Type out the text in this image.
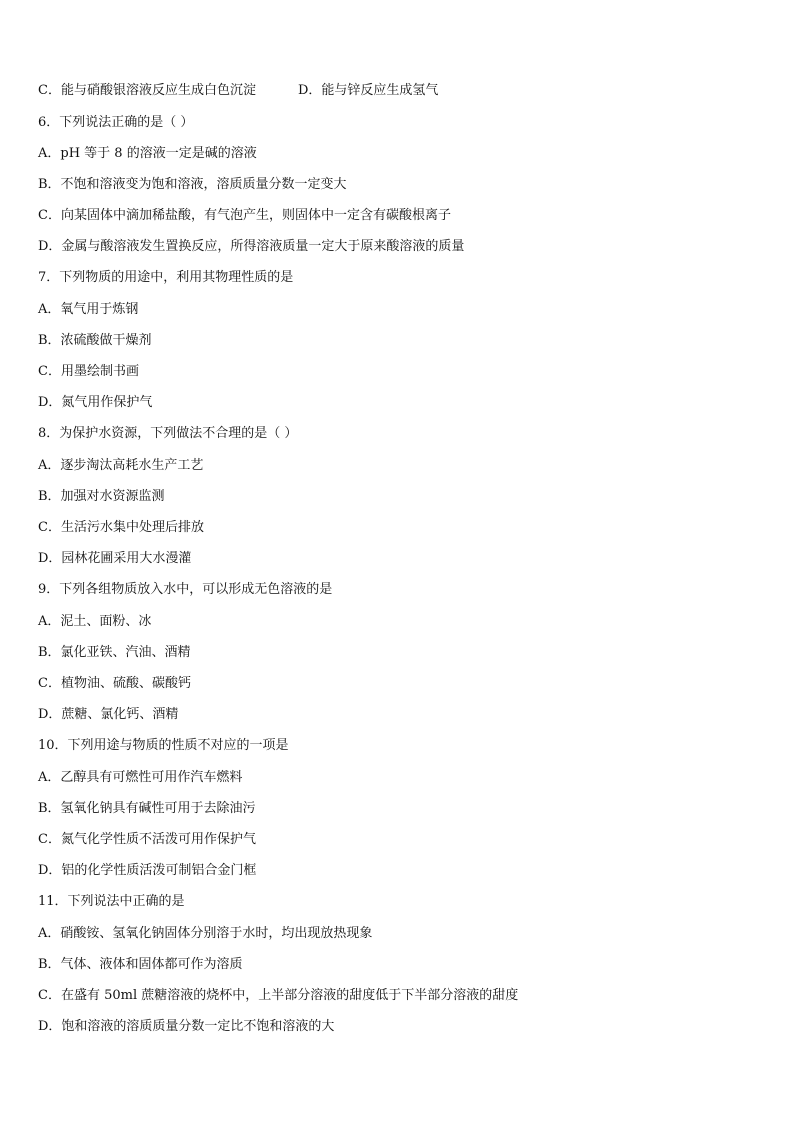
C．能与硝酸银溶液反应生成白色沉淀	D．能与锌反应生成氢气
6．下列说法正确的是（ ）
A．pH 等于 8 的溶液一定是碱的溶液
B．不饱和溶液变为饱和溶液，溶质质量分数一定变大
C．向某固体中滴加稀盐酸，有气泡产生，则固体中一定含有碳酸根离子
D．金属与酸溶液发生置换反应，所得溶液质量一定大于原来酸溶液的质量
7．下列物质的用途中，利用其物理性质的是
A．氧气用于炼钢
B．浓硫酸做干燥剂
C．用墨绘制书画
D．氮气用作保护气
8．为保护水资源，下列做法不合理的是（ ）
A．逐步淘汰高耗水生产工艺
B．加强对水资源监测
C．生活污水集中处理后排放
D．园林花圃采用大水漫灌
9．下列各组物质放入水中，可以形成无色溶液的是
A．泥土、面粉、冰
B．氯化亚铁、汽油、酒精
C．植物油、硫酸、碳酸钙
D．蔗糖、氯化钙、酒精
10．下列用途与物质的性质不对应的一项是
A．乙醇具有可燃性可用作汽车燃料
B．氢氧化钠具有碱性可用于去除油污
C．氮气化学性质不活泼可用作保护气
D．铝的化学性质活泼可制铝合金门框
11．下列说法中正确的是
A．硝酸铵、氢氧化钠固体分别溶于水时，均出现放热现象
B．气体、液体和固体都可作为溶质
C．在盛有 50ml 蔗糖溶液的烧杯中，上半部分溶液的甜度低于下半部分溶液的甜度
D．饱和溶液的溶质质量分数一定比不饱和溶液的大
